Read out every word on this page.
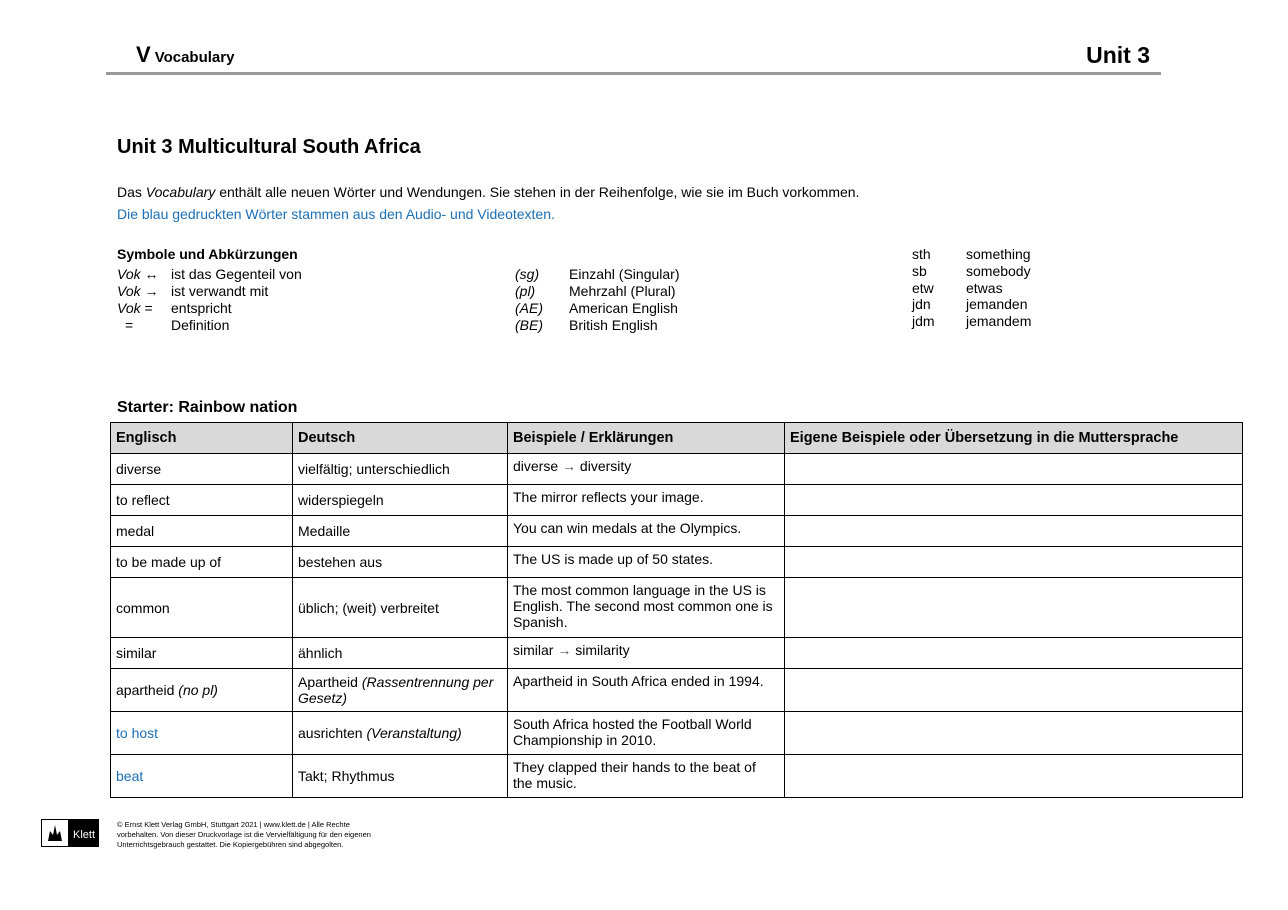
V Vocabulary	Unit 3
Unit 3 Multicultural South Africa
Das Vocabulary enthält alle neuen Wörter und Wendungen. Sie stehen in der Reihenfolge, wie sie im Buch vorkommen.
Die blau gedruckten Wörter stammen aus den Audio- und Videotexten.
Symbole und Abkürzungen
Vok ↔ ist das Gegenteil von
Vok → ist verwandt mit
Vok = entspricht
=	Definition
(sg) Einzahl (Singular)
(pl) Mehrzahl (Plural)
(AE) American English
(BE) British English
sth	something
sb	somebody
etw etwas
jdn	jemanden
jdm jemandem
Starter: Rainbow nation
Englisch	Deutsch	Beispiele / Erklärungen	Eigene Beispiele oder Übersetzung in die Muttersprache
diverse	vielfältig; unterschiedlich	diverse → diversity	
to reflect	widerspiegeln	The mirror reflects your image.	
medal	Medaille	You can win medals at the Olympics.	
to be made up of	bestehen aus	The US is made up of 50 states.	
common	üblich; (weit) verbreitet	The most common language in the US is English. The second most common one is Spanish.	
similar	ähnlich	similar → similarity	
apartheid (no pl)	Apartheid (Rassentrennung per Gesetz)	Apartheid in South Africa ended in 1994.	
to host	ausrichten (Veranstaltung)	South Africa hosted the Football World Championship in 2010.	
beat	Takt; Rhythmus	They clapped their hands to the beat of the music.	
Klett
© Ernst Klett Verlag GmbH, Stuttgart 2021 | www.klett.de | Alle Rechte vorbehalten. Von dieser Druckvorlage ist die Vervielfältigung für den eigenen Unterrichtsgebrauch gestattet. Die Kopiergebühren sind abgegolten.
